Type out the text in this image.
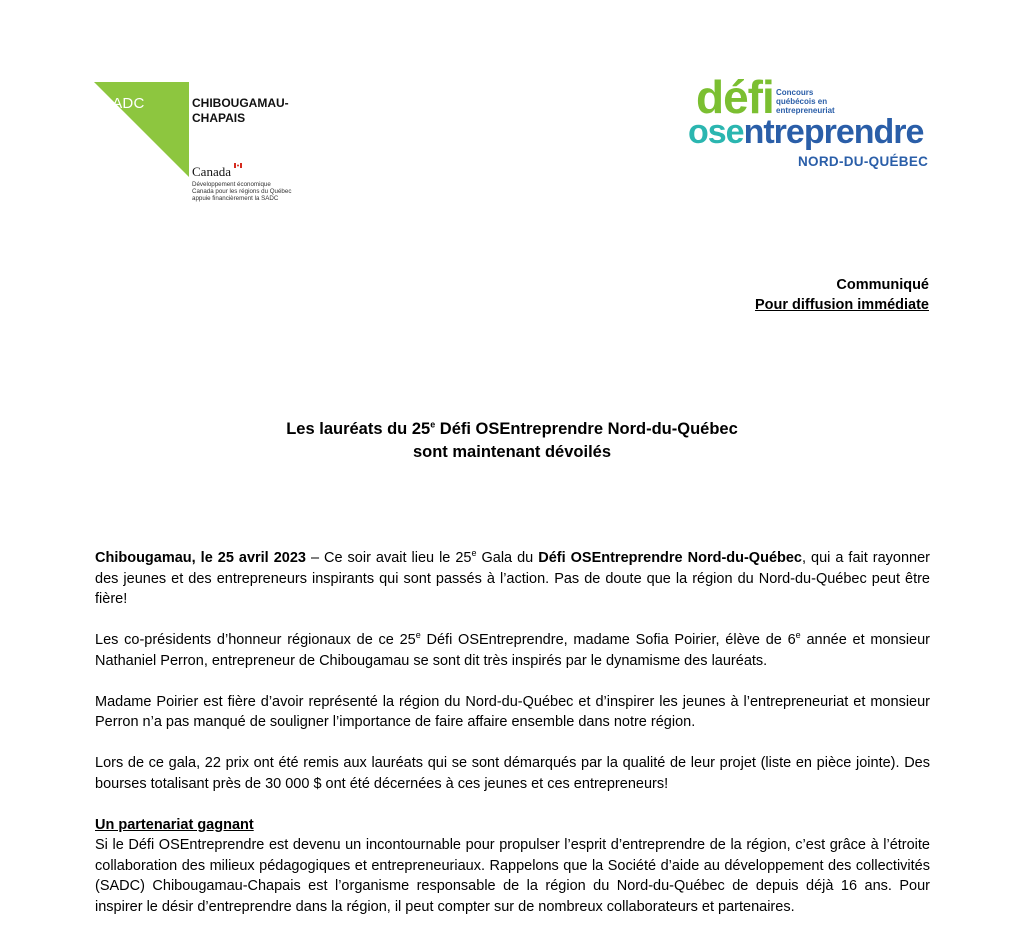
SADC	CHIBOUGAMAU-
CHAPAIS
Canada
Développement économique
Canada pour les régions du Québec
appuie financièrement la SADC
défi Concours
québécois en
entrepreneuriat
osentreprendre
NORD-DU-QUÉBEC
Communiqué
Pour diffusion immédiate
Les lauréats du 25e Défi OSEntreprendre Nord-du-Québec
sont maintenant dévoilés

Chibougamau, le 25 avril 2023 – Ce soir avait lieu le 25e Gala du Défi OSEntreprendre Nord-du-Québec, qui a fait rayonner des jeunes et des entrepreneurs inspirants qui sont passés à l’action. Pas de doute que la région du Nord-du-Québec peut être fière!

Les co-présidents d’honneur régionaux de ce 25e Défi OSEntreprendre, madame Sofia Poirier, élève de 6e année et monsieur Nathaniel Perron, entrepreneur de Chibougamau se sont dit très inspirés par le dynamisme des lauréats.

Madame Poirier est fière d’avoir représenté la région du Nord-du-Québec et d’inspirer les jeunes à l’entrepreneuriat et monsieur Perron n’a pas manqué de souligner l’importance de faire affaire ensemble dans notre région.

Lors de ce gala, 22 prix ont été remis aux lauréats qui se sont démarqués par la qualité de leur projet (liste en pièce jointe). Des bourses totalisant près de 30 000 $ ont été décernées à ces jeunes et ces entrepreneurs!

Un partenariat gagnant

Si le Défi OSEntreprendre est devenu un incontournable pour propulser l’esprit d’entreprendre de la région, c’est grâce à l’étroite collaboration des milieux pédagogiques et entrepreneuriaux. Rappelons que la Société d’aide au développement des collectivités (SADC) Chibougamau-Chapais est l’organisme responsable de la région du Nord-du-Québec de depuis déjà 16 ans. Pour inspirer le désir d’entreprendre dans la région, il peut compter sur de nombreux collaborateurs et partenaires.
